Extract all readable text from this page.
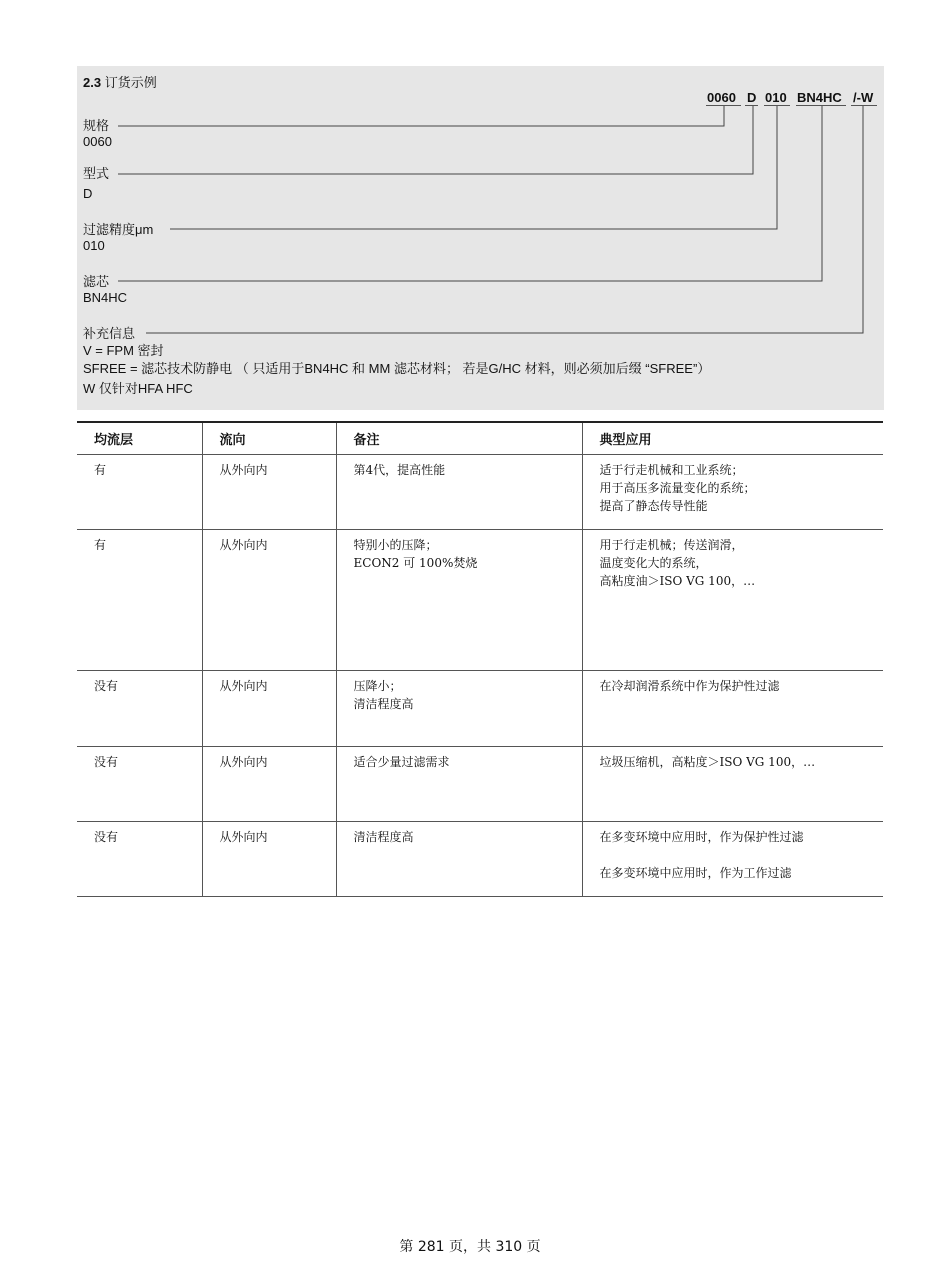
2.3 订货示例
0060 D 010 BN4HC /-W
规格
0060
型式
D
过滤精度μm
010
滤芯
BN4HC
补充信息
V = FPM 密封
SFREE = 滤芯技术防静电 （ 只适用于BN4HC 和 MM 滤芯材料； 若是G/HC 材料，则必须加后缀 “SFREE”）
W 仅针对HFA HFC
均流层	流向	备注	典型应用
有	从外向内	第4代，提高性能	适于行走机械和工业系统；
用于高压多流量变化的系统；
提高了静态传导性能

有	从外向内	特别小的压降；
ECON2 可 100%焚烧	用于行走机械；传送润滑，
温度变化大的系统，
高粘度油＞ISO VG 100，…

没有	从外向内	压降小；
清洁程度高	在冷却润滑系统中作为保护性过滤

没有	从外向内	适合少量过滤需求	垃圾压缩机，高粘度＞ISO VG 100，…

没有	从外向内	清洁程度高	在多变环境中应用时，作为保护性过滤
在多变环境中应用时，作为工作过滤
第 281 页，共 310 页
